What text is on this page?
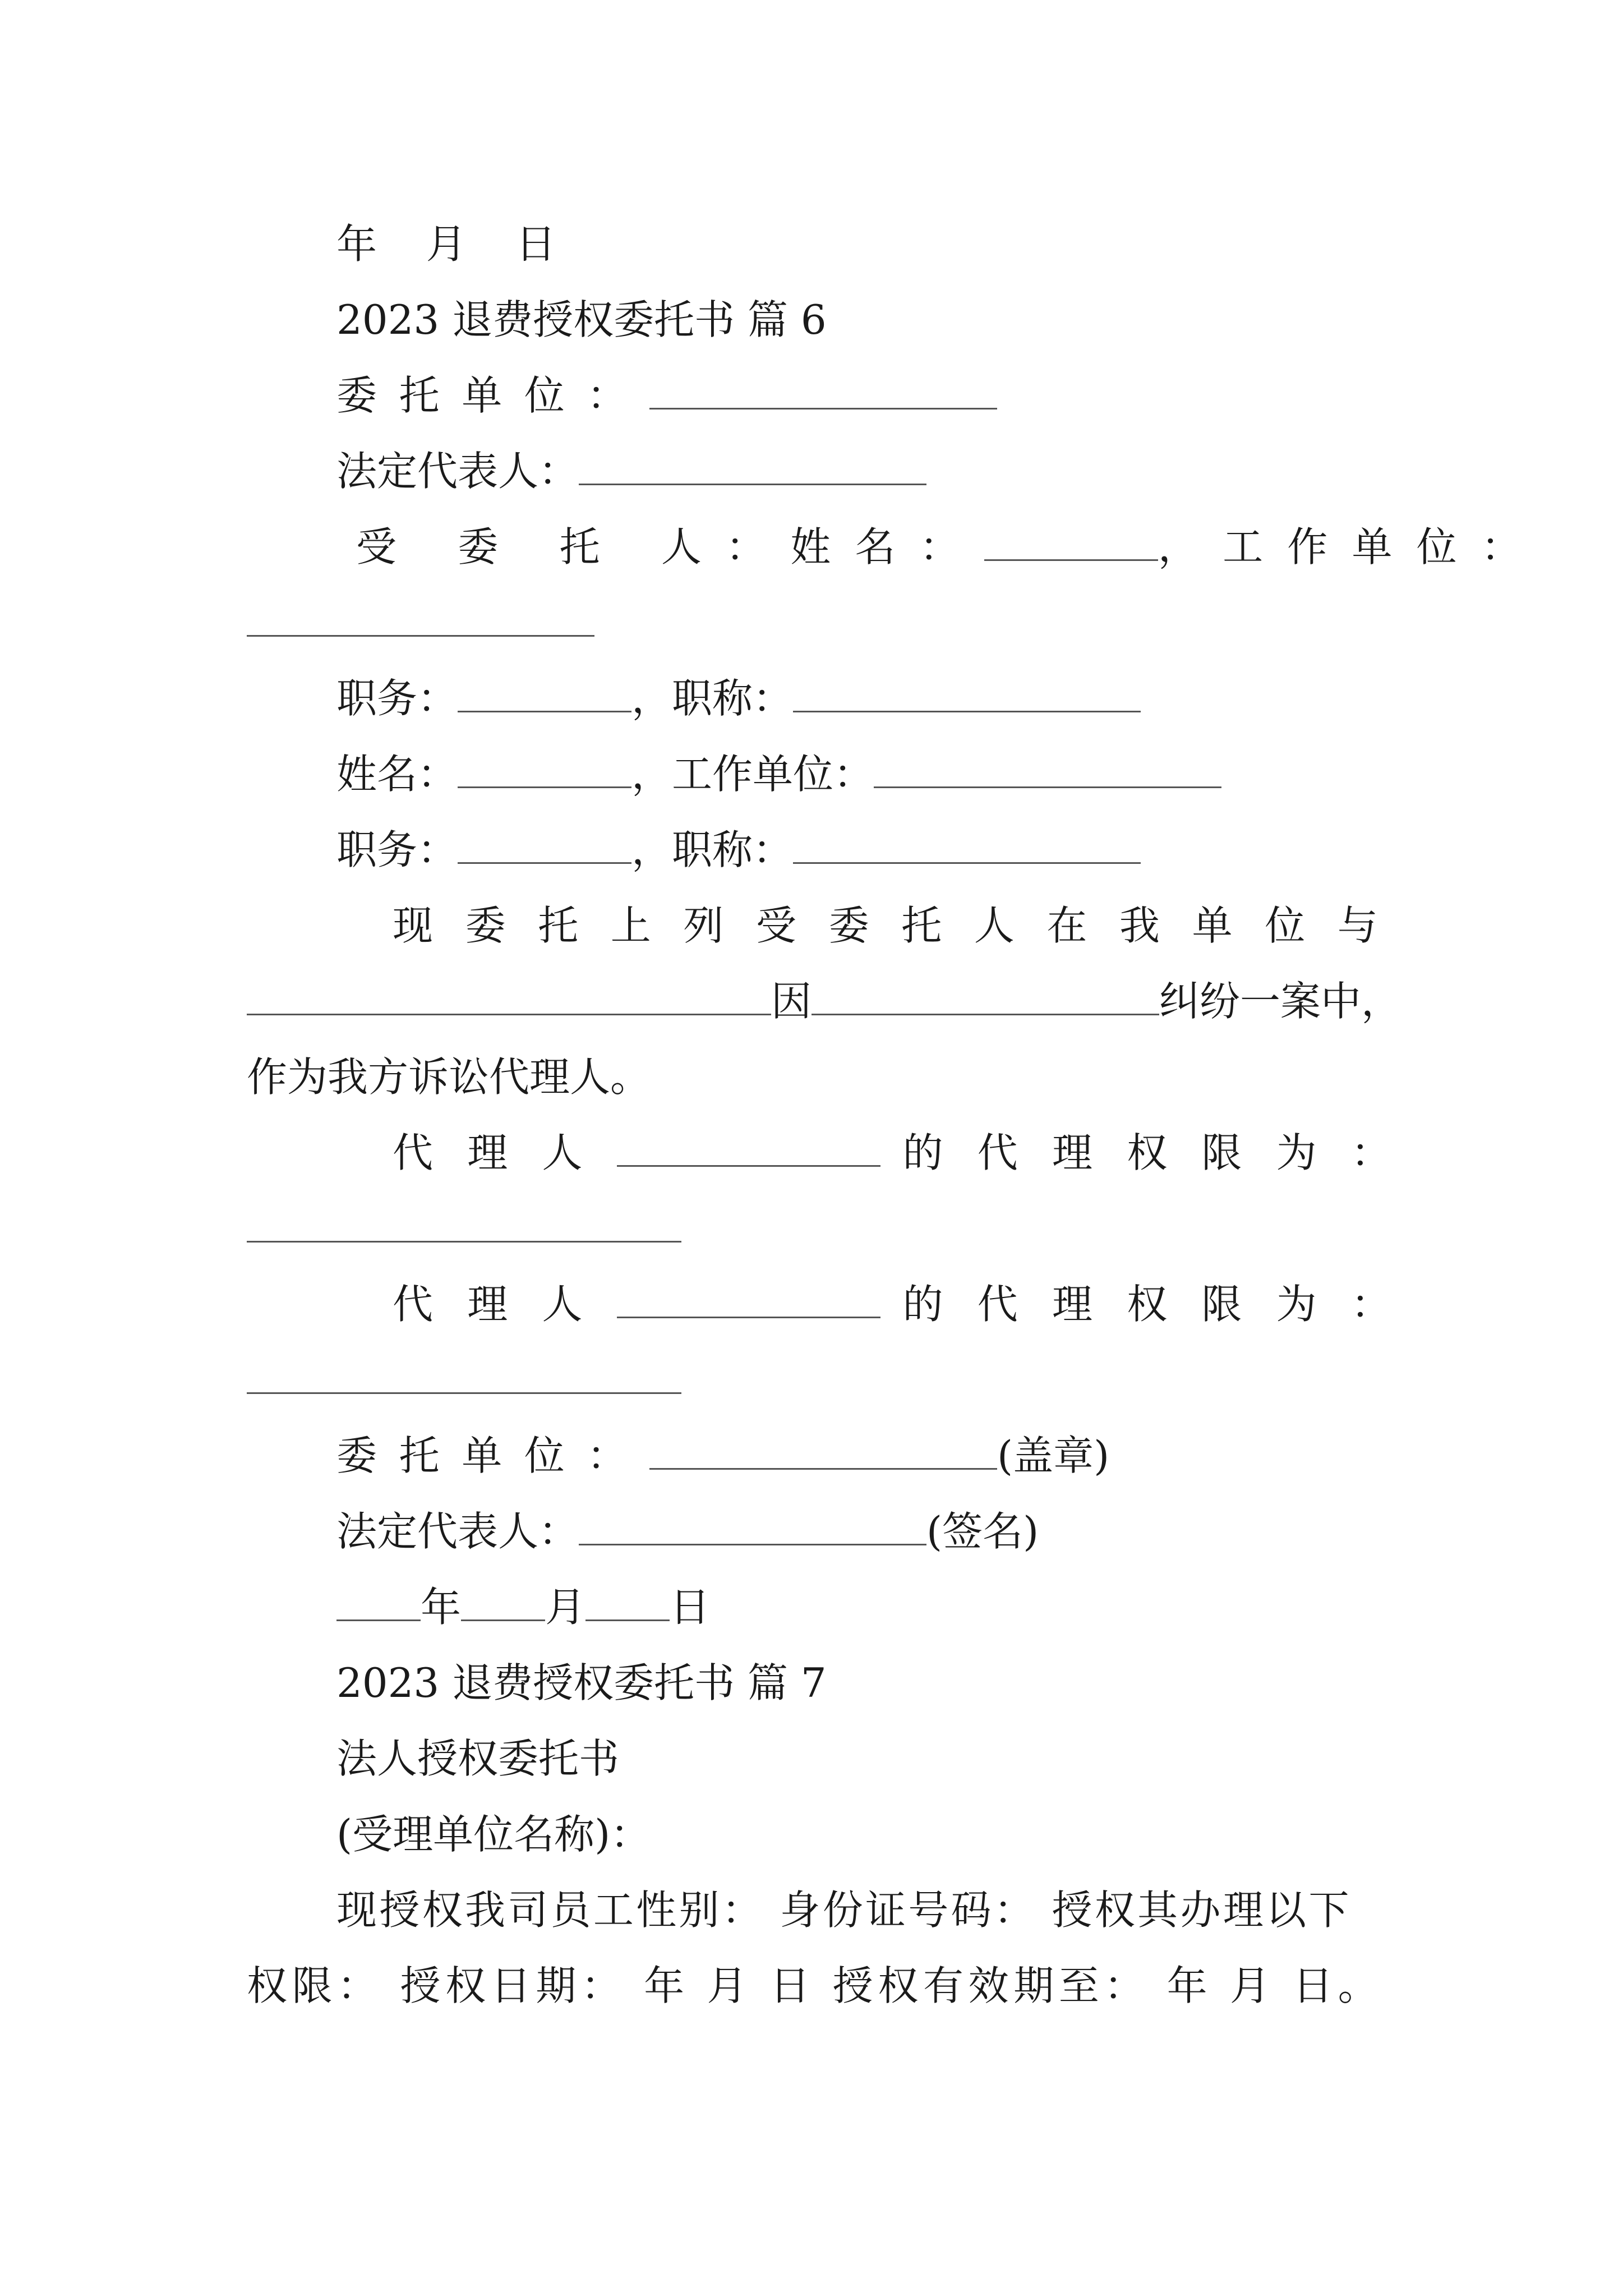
年 月 日
2023 退费授权委托书 篇 6
委托单位：
法定代表人：
受 委 托 人：姓名：	，工作单位：
职务：	，职称：
姓名：	，工作单位：
职务：	，职称：
现委托上列受委托人在我单位与
因	纠纷一案中，
作为我方诉讼代理人。
代理人	的代理权限为：
代理人	的代理权限为：
委托单位：	(盖章)
法定代表人：	(签名)
年 月 日
2023 退费授权委托书 篇 7
法人授权委托书
(受理单位名称)：
现授权我司员工性别： 身份证号码： 授权其办理以下
权限： 授权日期： 年 月 日 授权有效期至： 年 月 日。
